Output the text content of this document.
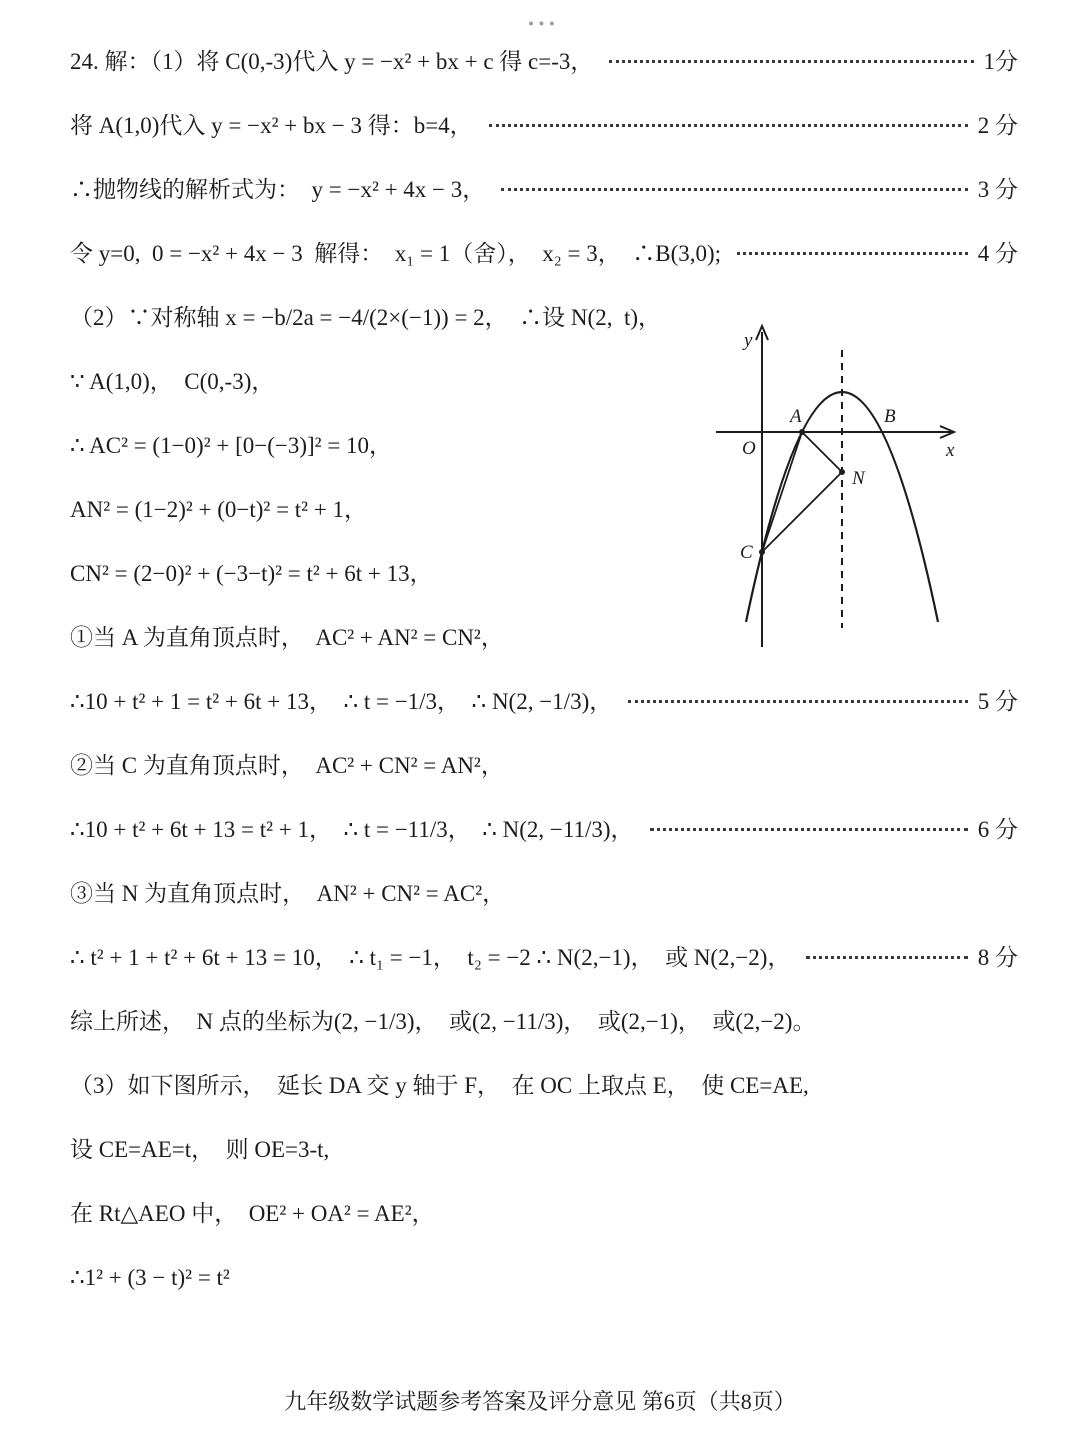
●●●
24. 解：（1）将 C(0,-3)代入 y = −x² + bx + c 得 c=-3，	1分
将 A(1,0)代入 y = −x² + bx − 3 得：b=4，	2 分
∴抛物线的解析式为：  y = −x² + 4x − 3，	3 分
令 y=0,  0 = −x² + 4x − 3  解得：  x₁ = 1（舍），  x₂ = 3，  ∴B(3,0);	4 分
（2）∵对称轴 x = −b/2a = −4/(2×(−1)) = 2，  ∴设 N(2,  t)，
∵ A(1,0)，  C(0,-3)，
∴ AC² = (1−0)² + [0−(−3)]² = 10，
AN² = (1−2)² + (0−t)² = t² + 1，
CN² = (2−0)² + (−3−t)² = t² + 6t + 13，
①当 A 为直角顶点时，  AC² + AN² = CN²，
∴10 + t² + 1 = t² + 6t + 13，  ∴ t = −1/3，  ∴ N(2, −1/3)，	5 分
②当 C 为直角顶点时，  AC² + CN² = AN²，
∴10 + t² + 6t + 13 = t² + 1，  ∴ t = −11/3，  ∴ N(2, −11/3)，	6 分
③当 N 为直角顶点时，  AN² + CN² = AC²，
∴ t² + 1 + t² + 6t + 13 = 10，  ∴ t₁ = −1，  t₂ = −2 ∴ N(2,−1)，  或 N(2,−2)，	8 分
综上所述，  N 点的坐标为(2, −1/3)，  或(2, −11/3)，  或(2,−1)，  或(2,−2)。
（3）如下图所示，  延长 DA 交 y 轴于 F，  在 OC 上取点 E，  使 CE=AE,
设 CE=AE=t，  则 OE=3-t,
在 Rt△AEO 中，  OE² + OA² = AE²，
∴1² + (3 − t)² = t²
y
x
O
A	B
C
N
九年级数学试题参考答案及评分意见 第6页（共8页）
